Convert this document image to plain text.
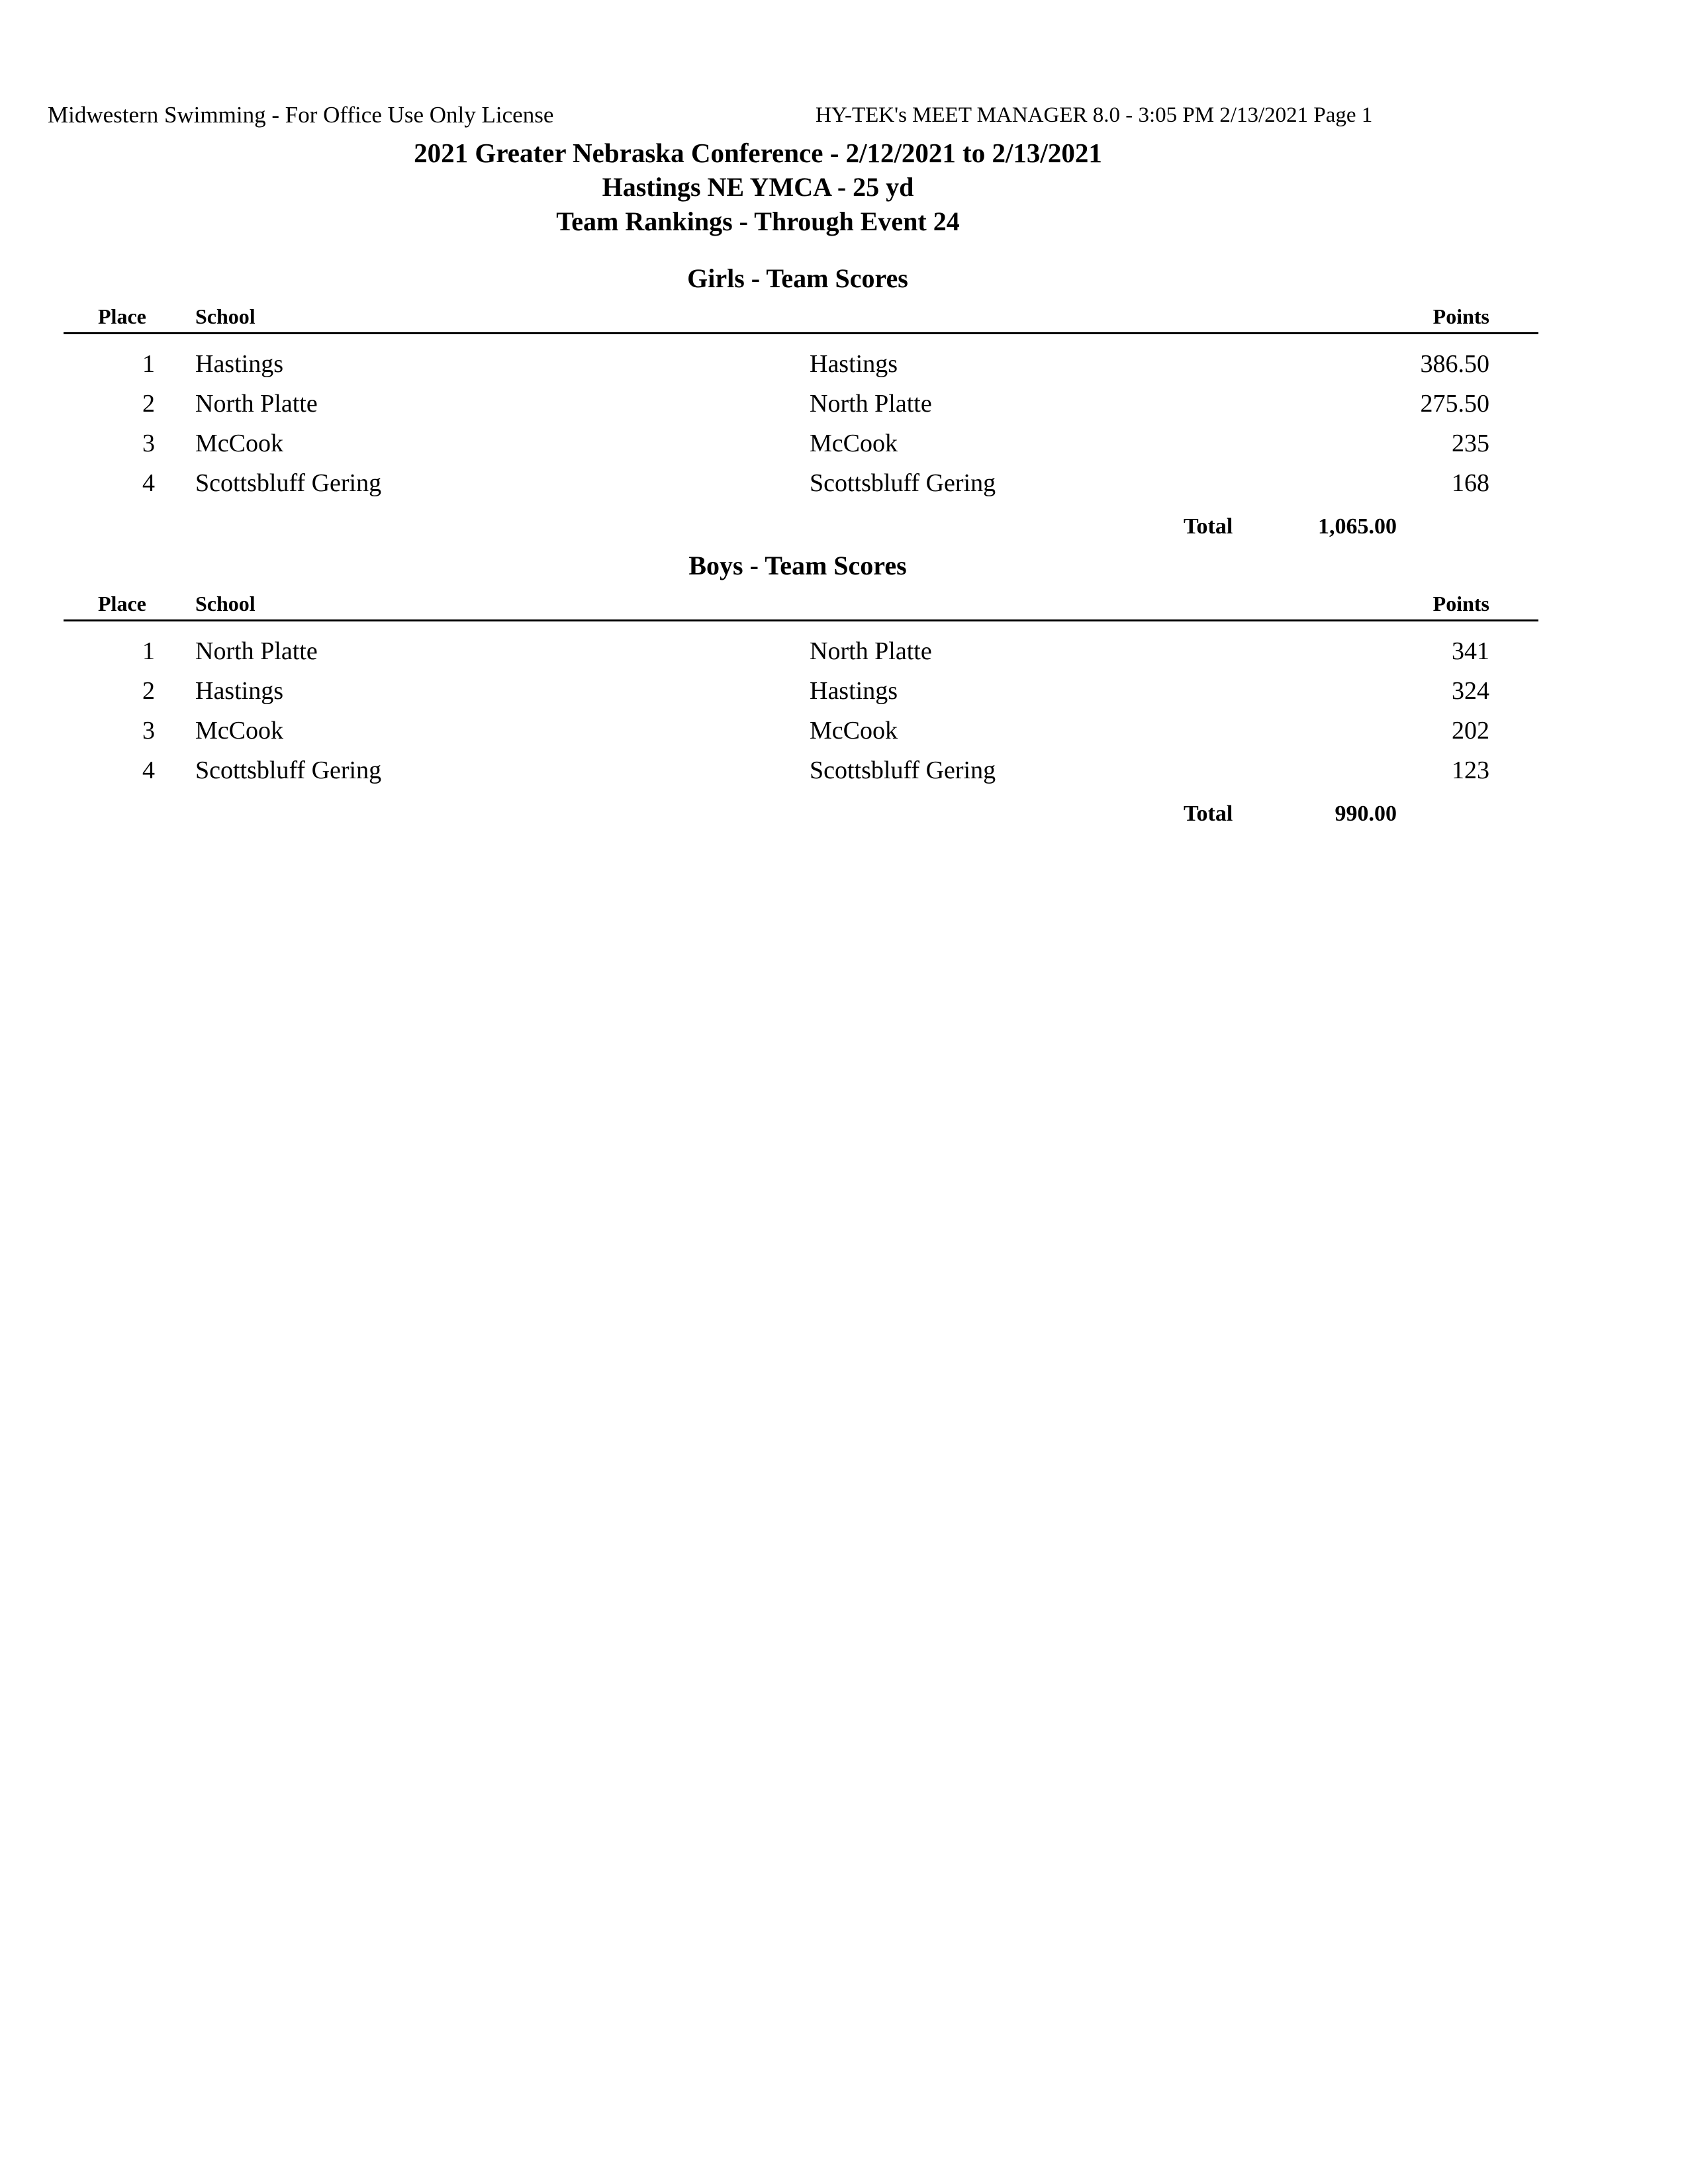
Midwestern Swimming - For Office Use Only License	HY-TEK's MEET MANAGER 8.0 - 3:05 PM 2/13/2021 Page 1
2021 Greater Nebraska Conference - 2/12/2021 to 2/13/2021
Hastings NE YMCA - 25 yd
Team Rankings - Through Event 24
Girls - Team Scores
Place School	Points
1 Hastings	Hastings	386.50
2 North Platte	North Platte	275.50
3 McCook	McCook	235
4 Scottsbluff Gering	Scottsbluff Gering	168
Total	1,065.00
Boys - Team Scores
Place School	Points
1 North Platte	North Platte	341
2 Hastings	Hastings	324
3 McCook	McCook	202
4 Scottsbluff Gering	Scottsbluff Gering	123
Total	990.00
